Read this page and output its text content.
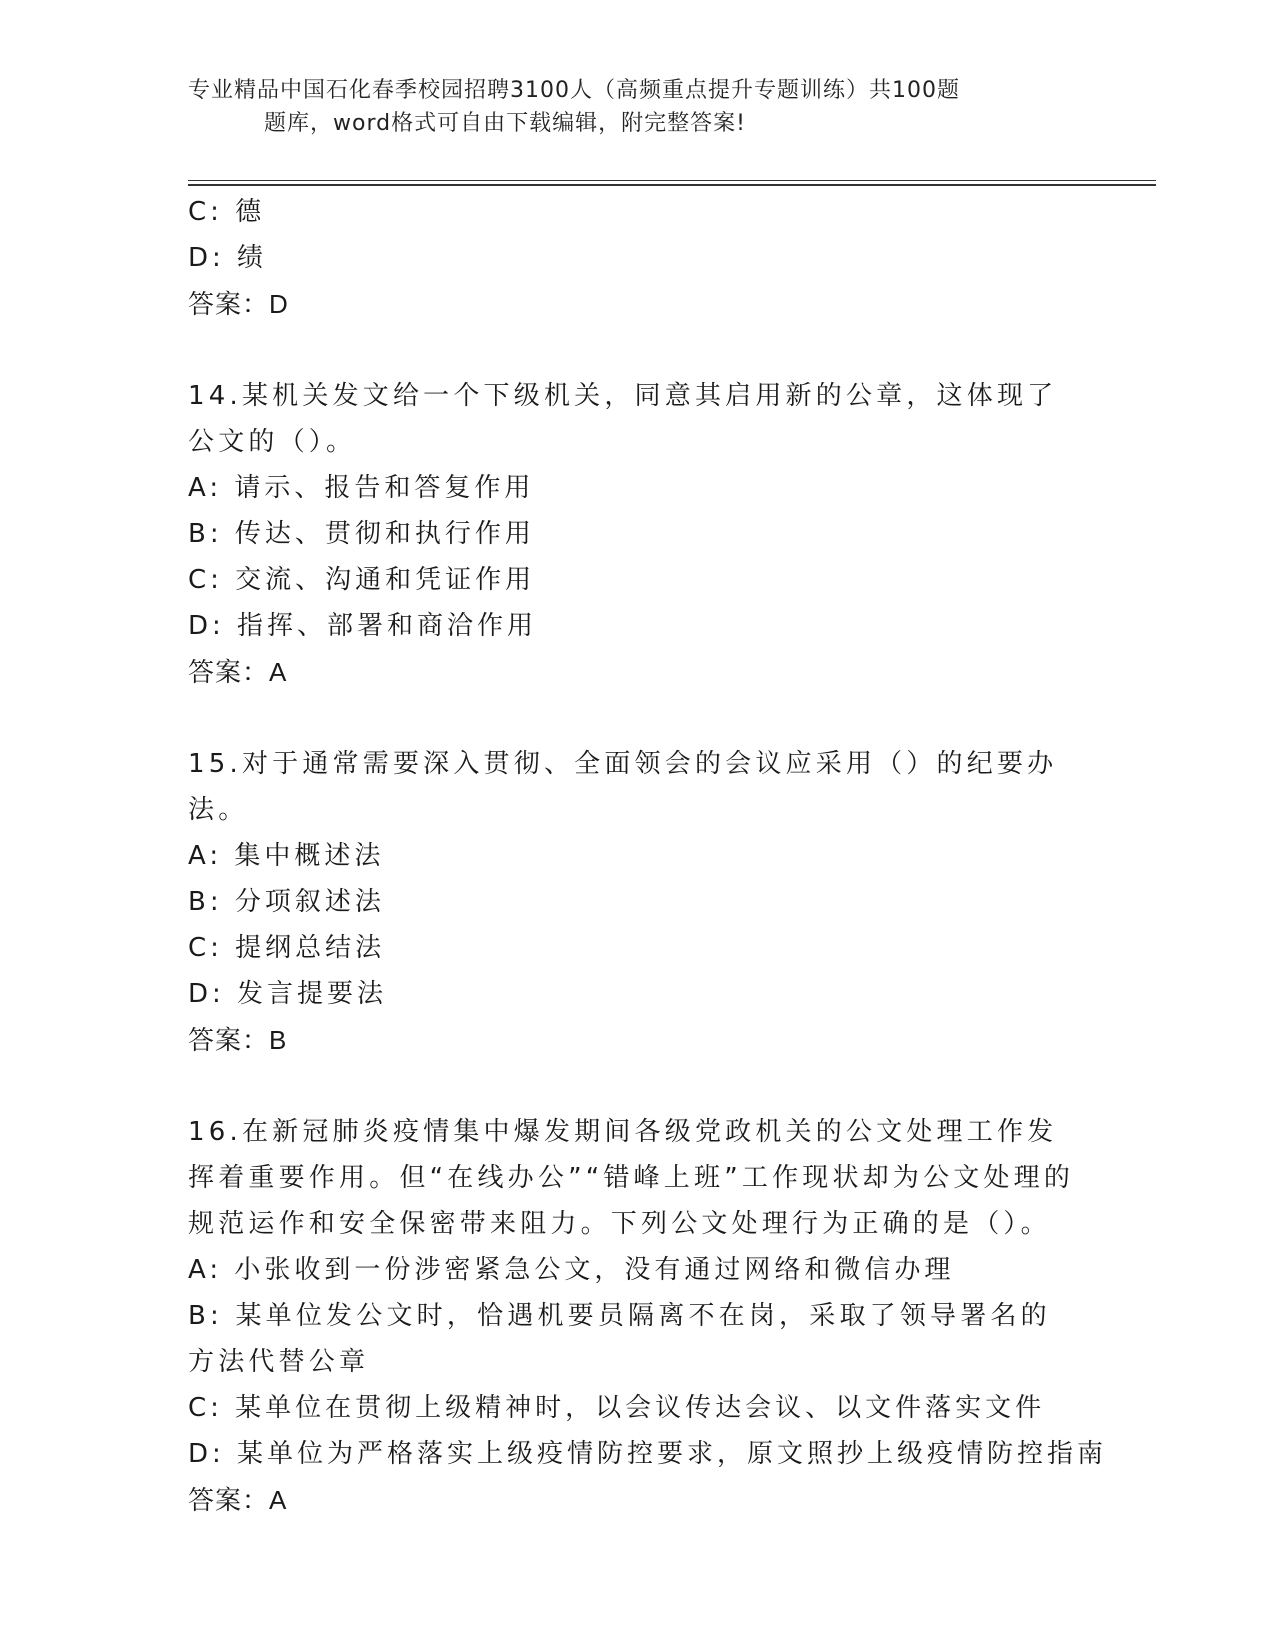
专业精品中国石化春季校园招聘3100人（高频重点提升专题训练）共100题
题库，word格式可自由下载编辑，附完整答案!
C: 德
D: 绩
答案：D
14.某机关发文给一个下级机关，同意其启用新的公章，这体现了公文的（）。
A: 请示、报告和答复作用
B: 传达、贯彻和执行作用
C: 交流、沟通和凭证作用
D: 指挥、部署和商洽作用
答案：A
15.对于通常需要深入贯彻、全面领会的会议应采用（）的纪要办法。
A: 集中概述法
B: 分项叙述法
C: 提纲总结法
D: 发言提要法
答案：B
16.在新冠肺炎疫情集中爆发期间各级党政机关的公文处理工作发挥着重要作用。但“在线办公”“错峰上班”工作现状却为公文处理的规范运作和安全保密带来阻力。下列公文处理行为正确的是（）。
A: 小张收到一份涉密紧急公文，没有通过网络和微信办理
B: 某单位发公文时，恰遇机要员隔离不在岗，采取了领导署名的方法代替公章
C: 某单位在贯彻上级精神时，以会议传达会议、以文件落实文件
D: 某单位为严格落实上级疫情防控要求，原文照抄上级疫情防控指南
答案：A
